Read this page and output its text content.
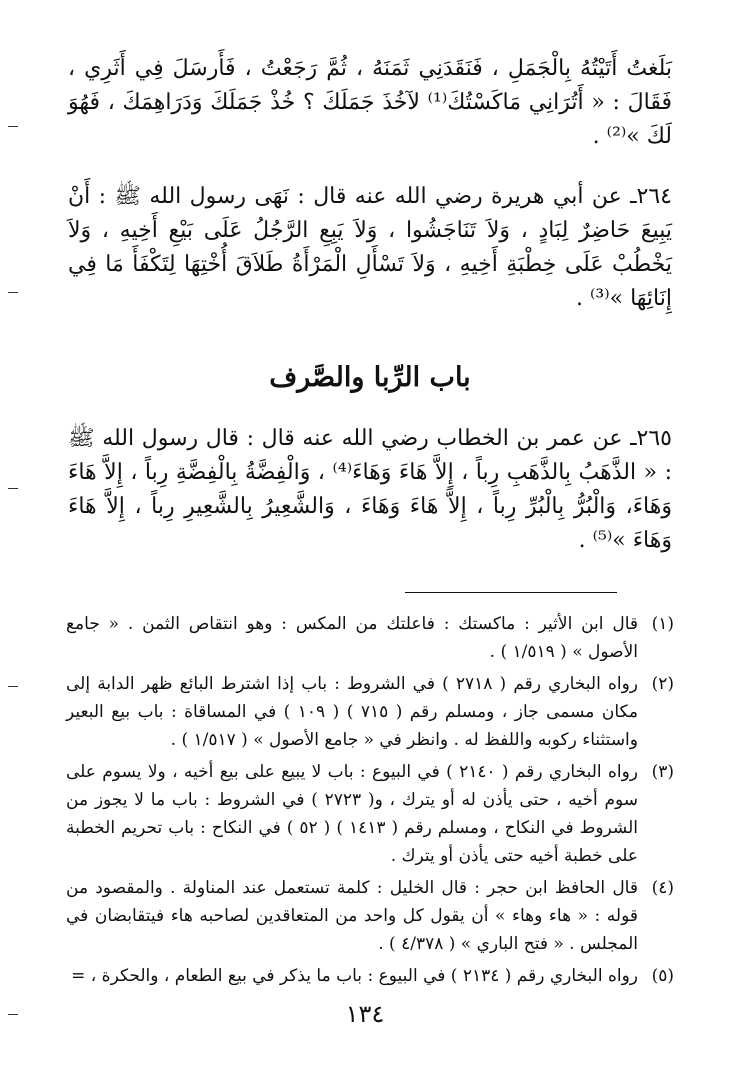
بَلَغتُ أَتَيْتُهُ بِالْجَمَلِ ، فَنَقَدَنِي ثَمَنَهُ ، ثُمَّ رَجَعْتُ ، فَأَرسَلَ فِي أَثَرِي ، فَقَالَ : « أَتُرَانِي مَاكَسْتُكَ⁽¹⁾ لآخُذَ جَمَلَكَ ؟ خُذْ جَمَلَكَ وَدَرَاهِمَكَ ، فَهُوَ لَكَ »⁽²⁾ .

٢٦٤ـ عن أبي هريرة رضي الله عنه قال : نَهَى رسول الله ﷺ : أَنْ يَبِيعَ حَاضِرٌ لِبَادٍ ، وَلاَ تَنَاجَشُوا ، وَلاَ يَبِعِ الرَّجُلُ عَلَى بَيْعِ أَخِيهِ ، وَلاَ يَخْطُبْ عَلَى خِطْبَةِ أَخِيهِ ، وَلاَ تَسْأَلِ الْمَرْأَةُ طَلاَقَ أُخْتِهَا لِتَكْفَأَ مَا فِي إِنَائِهَا »⁽³⁾ .

باب الرِّبا والصَّرف

٢٦٥ـ عن عمر بن الخطاب رضي الله عنه قال : قال رسول الله ﷺ : « الذَّهَبُ بِالذَّهَبِ رِباً ، إِلاَّ هَاءَ وَهَاءَ⁽⁴⁾ ، وَالْفِضَّةُ بِالْفِضَّةِ رِباً ، إِلاَّ هَاءَ وَهَاءَ، وَالْبُرُّ بِالْبُرِّ رِباً ، إِلاَّ هَاءَ وَهَاءَ ، وَالشَّعِيرُ بِالشَّعِيرِ رِباً ، إِلاَّ هَاءَ وَهَاءَ »⁽⁵⁾ .

(١)
قال ابن الأثير : ماكستك : فاعلتك من المكس : وهو انتقاص الثمن . « جامع الأصول » ( ١/٥١٩ ) .
(٢)
رواه البخاري رقم ( ٢٧١٨ ) في الشروط : باب إذا اشترط البائع ظهر الدابة إلى مكان مسمى جاز ، ومسلم رقم ( ٧١٥ ) ( ١٠٩ ) في المساقاة : باب بيع البعير واستثناء ركوبه واللفظ له . وانظر في « جامع الأصول » ( ١/٥١٧ ) .
(٣)
رواه البخاري رقم ( ٢١٤٠ ) في البيوع : باب لا يبيع على بيع أخيه ، ولا يسوم على سوم أخيه ، حتى يأذن له أو يترك ، و( ٢٧٢٣ ) في الشروط : باب ما لا يجوز من الشروط في النكاح ، ومسلم رقم ( ١٤١٣ ) ( ٥٢ ) في النكاح : باب تحريم الخطبة على خطبة أخيه حتى يأذن أو يترك .
(٤)
قال الحافظ ابن حجر : قال الخليل : كلمة تستعمل عند المناولة . والمقصود من قوله : « هاء وهاء » أن يقول كل واحد من المتعاقدين لصاحبه هاء فيتقابضان في المجلس . « فتح الباري » ( ٤/٣٧٨ ) .
(٥)
رواه البخاري رقم ( ٢١٣٤ ) في البيوع : باب ما يذكر في بيع الطعام ، والحكرة ، =
١٣٤
